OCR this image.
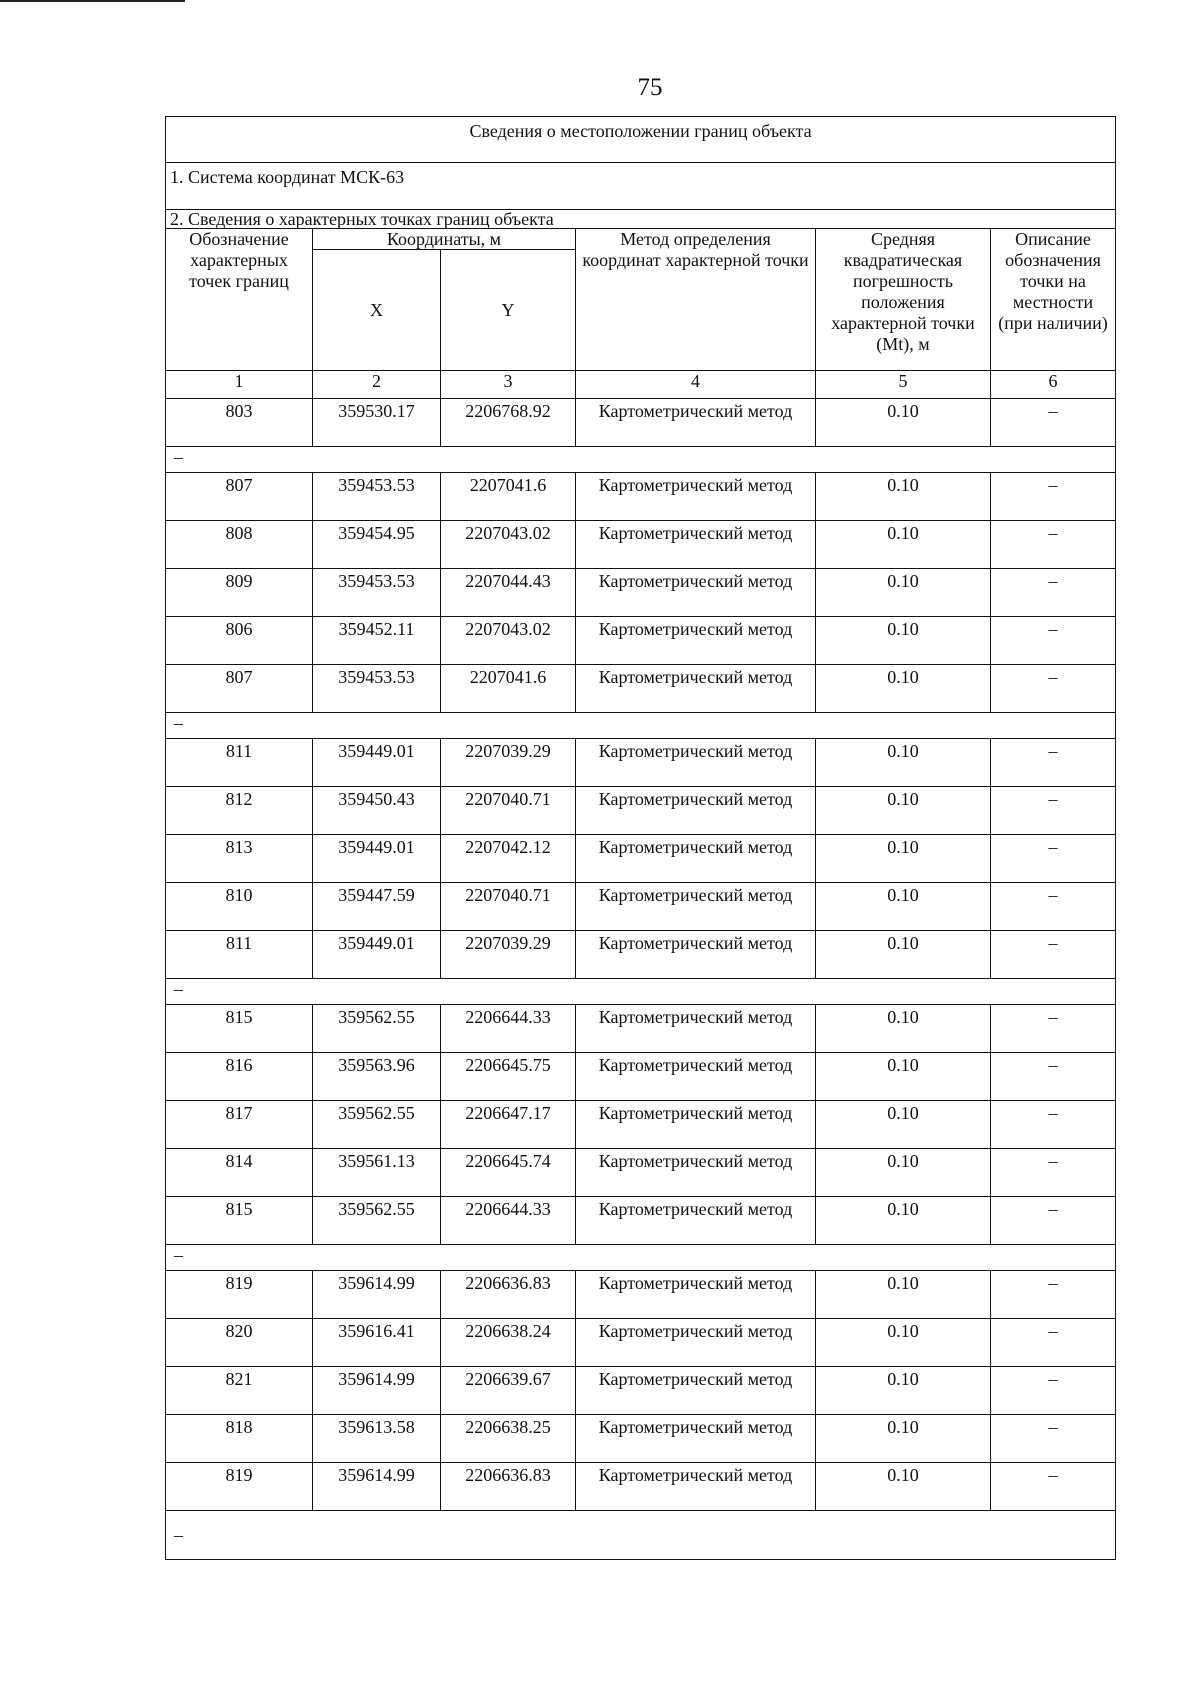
75
Сведения о местоположении границ объекта					
1. Система координат МСК-63					
2. Сведения о характерных точках границ объекта					
Обозначение характерных точек границ	Координаты, м		Метод определения координат характерной точки	Средняя квадратическая погрешность положения характерной точки (Mt), м	Описание обозначения точки на местности (при наличии)
	X	Y			
1	2	3	4	5	6
803	359530.17	2206768.92	Картометрический метод	0.10	–
–					
807	359453.53	2207041.6	Картометрический метод	0.10	–
808	359454.95	2207043.02	Картометрический метод	0.10	–
809	359453.53	2207044.43	Картометрический метод	0.10	–
806	359452.11	2207043.02	Картометрический метод	0.10	–
807	359453.53	2207041.6	Картометрический метод	0.10	–
–					
811	359449.01	2207039.29	Картометрический метод	0.10	–
812	359450.43	2207040.71	Картометрический метод	0.10	–
813	359449.01	2207042.12	Картометрический метод	0.10	–
810	359447.59	2207040.71	Картометрический метод	0.10	–
811	359449.01	2207039.29	Картометрический метод	0.10	–
–					
815	359562.55	2206644.33	Картометрический метод	0.10	–
816	359563.96	2206645.75	Картометрический метод	0.10	–
817	359562.55	2206647.17	Картометрический метод	0.10	–
814	359561.13	2206645.74	Картометрический метод	0.10	–
815	359562.55	2206644.33	Картометрический метод	0.10	–
–					
819	359614.99	2206636.83	Картометрический метод	0.10	–
820	359616.41	2206638.24	Картометрический метод	0.10	–
821	359614.99	2206639.67	Картометрический метод	0.10	–
818	359613.58	2206638.25	Картометрический метод	0.10	–
819	359614.99	2206636.83	Картометрический метод	0.10	–
–					
